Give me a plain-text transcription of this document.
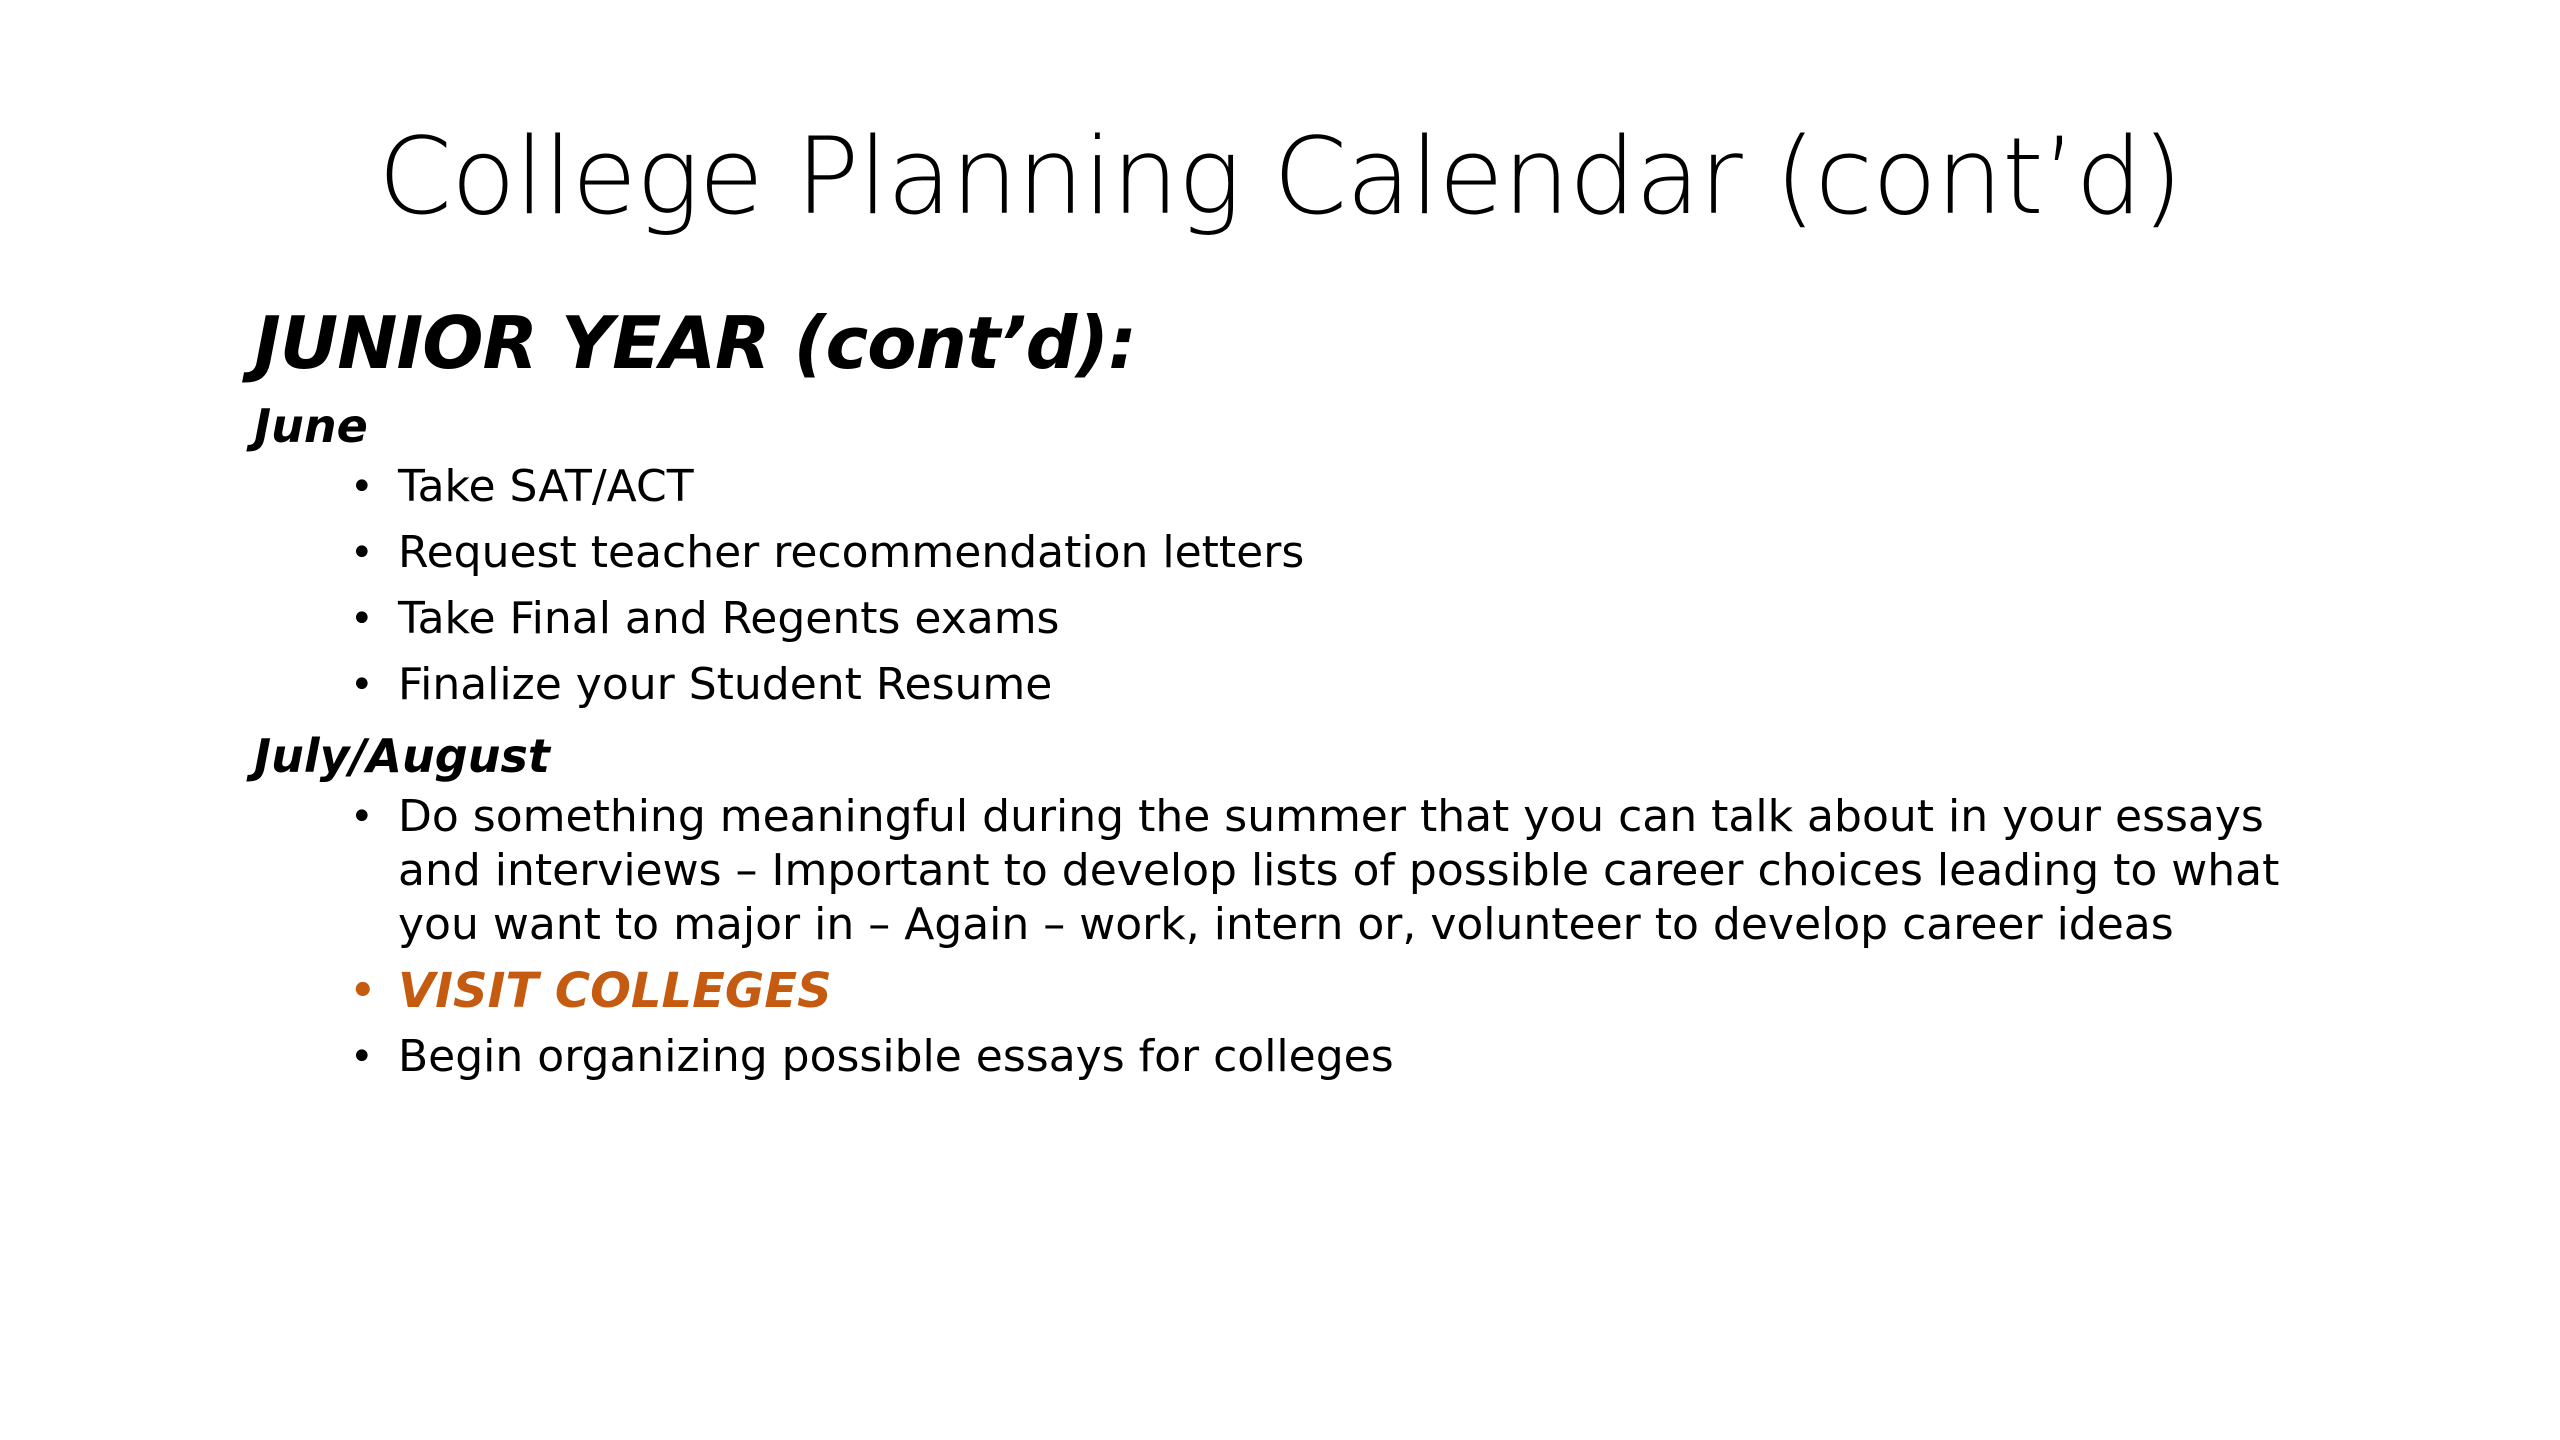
College Planning Calendar (cont’d)
JUNIOR YEAR (cont’d):
June
• Take SAT/ACT
• Request teacher recommendation letters
• Take Final and Regents exams
• Finalize your Student Resume
July/August
• Do something meaningful during the summer that you can talk about in your essays and interviews – Important to develop lists of possible career choices leading to what you want to major in – Again – work, intern or, volunteer to develop career ideas
• VISIT COLLEGES
• Begin organizing possible essays for colleges
